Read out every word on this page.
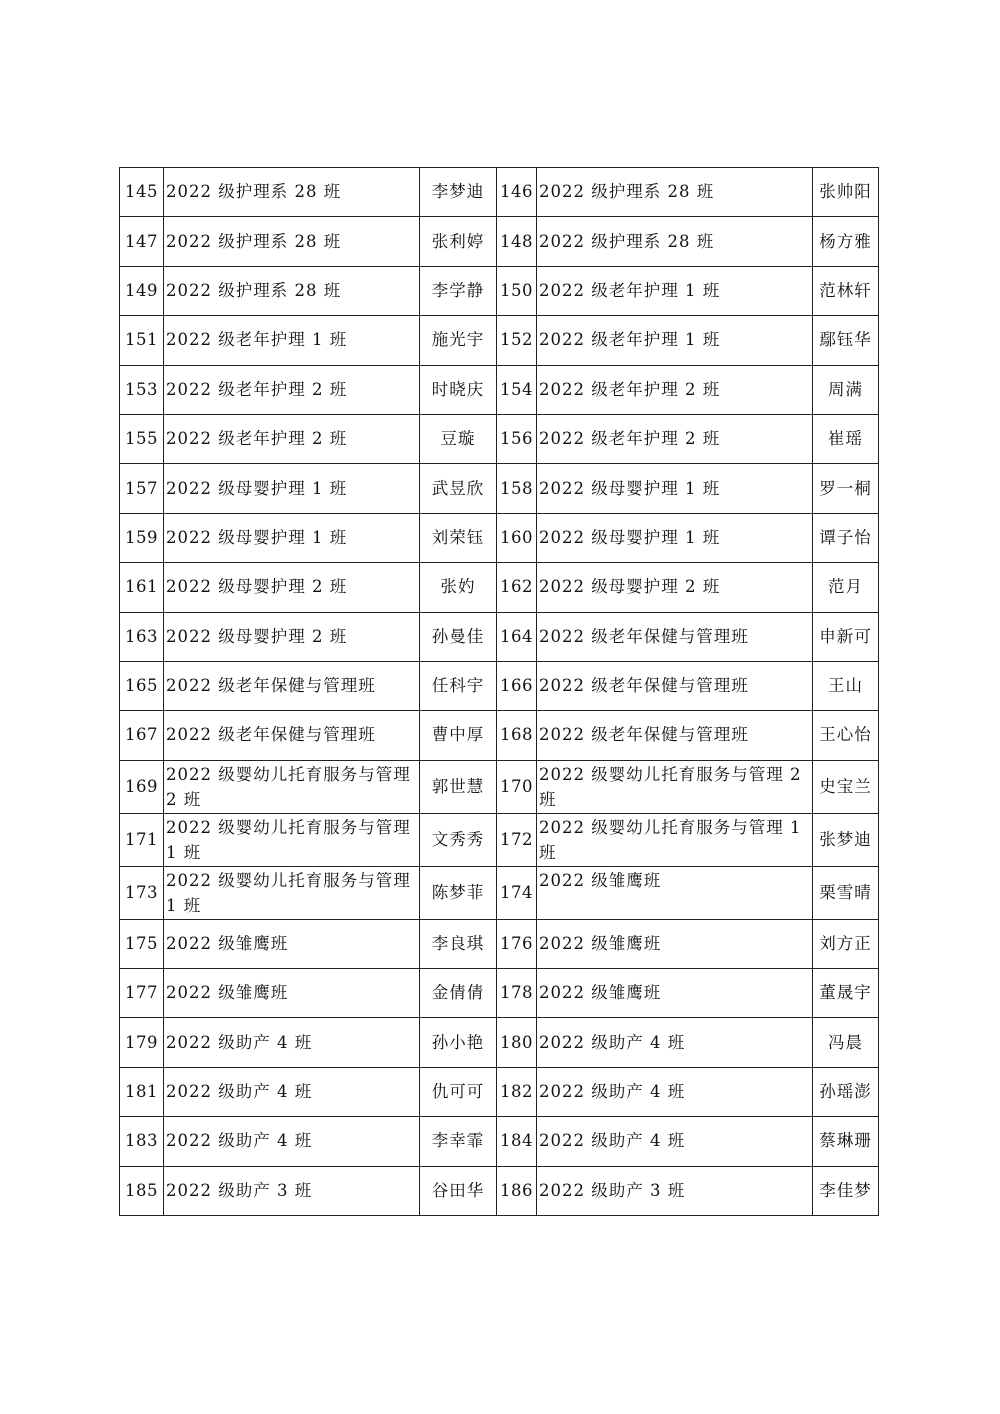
145	2022 级护理系 28 班	李梦迪	146	2022 级护理系 28 班	张帅阳
147	2022 级护理系 28 班	张利婷	148	2022 级护理系 28 班	杨方雅
149	2022 级护理系 28 班	李学静	150	2022 级老年护理 1 班	范林轩
151	2022 级老年护理 1 班	施光宇	152	2022 级老年护理 1 班	鄢钰华
153	2022 级老年护理 2 班	时晓庆	154	2022 级老年护理 2 班	周满
155	2022 级老年护理 2 班	豆璇	156	2022 级老年护理 2 班	崔瑶
157	2022 级母婴护理 1 班	武昱欣	158	2022 级母婴护理 1 班	罗一桐
159	2022 级母婴护理 1 班	刘荣钰	160	2022 级母婴护理 1 班	谭子怡
161	2022 级母婴护理 2 班	张妁	162	2022 级母婴护理 2 班	范月
163	2022 级母婴护理 2 班	孙曼佳	164	2022 级老年保健与管理班	申新可
165	2022 级老年保健与管理班	任科宇	166	2022 级老年保健与管理班	王山
167	2022 级老年保健与管理班	曹中厚	168	2022 级老年保健与管理班	王心怡
169	2022 级婴幼儿托育服务与管理 2 班	郭世慧	170	2022 级婴幼儿托育服务与管理 2 班	史宝兰
171	2022 级婴幼儿托育服务与管理 1 班	文秀秀	172	2022 级婴幼儿托育服务与管理 1 班	张梦迪
173	2022 级婴幼儿托育服务与管理 1 班	陈梦菲	174	2022 级雏鹰班	栗雪晴
175	2022 级雏鹰班	李良琪	176	2022 级雏鹰班	刘方正
177	2022 级雏鹰班	金倩倩	178	2022 级雏鹰班	董晟宇
179	2022 级助产 4 班	孙小艳	180	2022 级助产 4 班	冯晨
181	2022 级助产 4 班	仇可可	182	2022 级助产 4 班	孙瑶澎
183	2022 级助产 4 班	李幸霏	184	2022 级助产 4 班	蔡琳珊
185	2022 级助产 3 班	谷田华	186	2022 级助产 3 班	李佳梦
